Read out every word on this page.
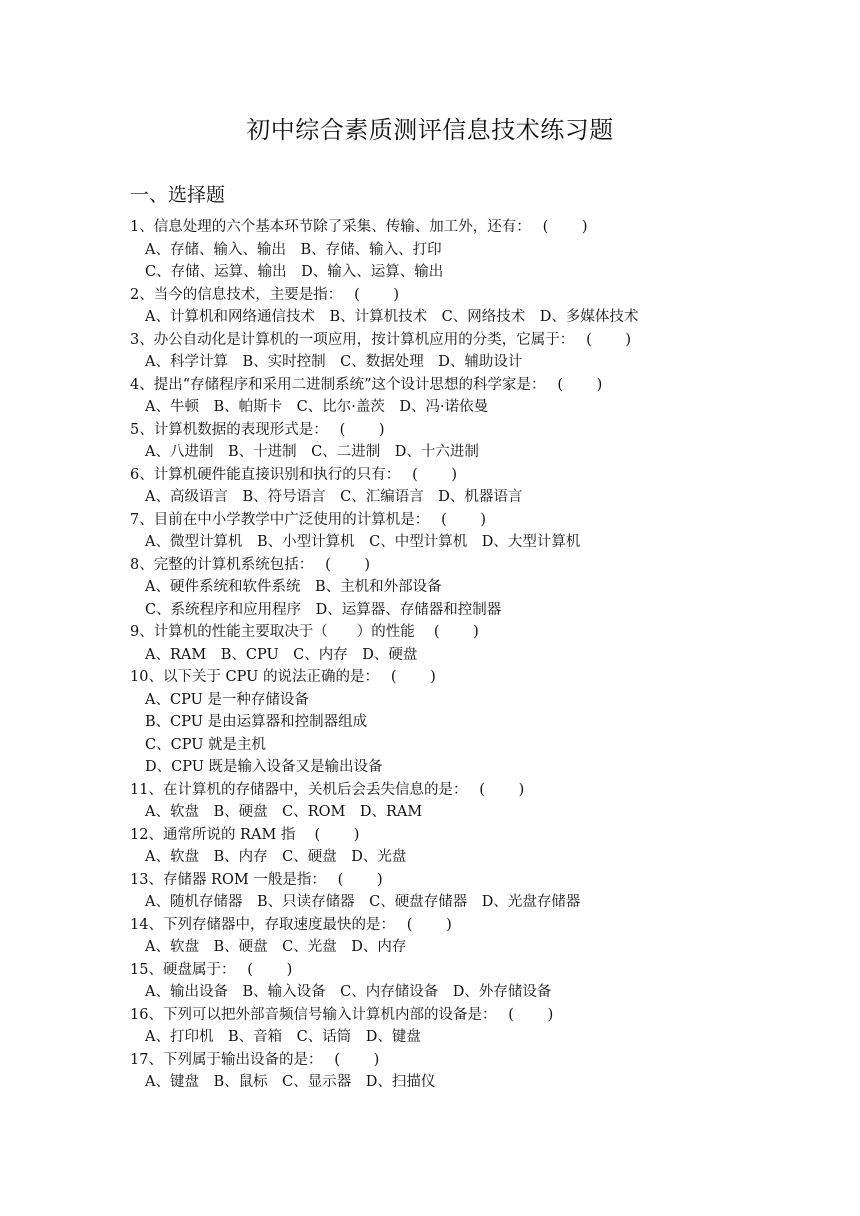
初中综合素质测评信息技术练习题
一、选择题
1、信息处理的六个基本环节除了采集、传输、加工外，还有：　 (　　 )
A、存储、输入、输出　B、存储、输入、打印
C、存储、运算、输出　D、输入、运算、输出
2、当今的信息技术，主要是指：　 (　　 )
A、计算机和网络通信技术　B、计算机技术　C、网络技术　D、多媒体技术
3、办公自动化是计算机的一项应用，按计算机应用的分类，它属于：　 (　　 )
A、科学计算　B、实时控制　C、数据处理　D、辅助设计
4、提出“存储程序和采用二进制系统”这个设计思想的科学家是：　 (　　 )
A、牛顿　B、帕斯卡　C、比尔·盖茨　D、冯·诺依曼
5、计算机数据的表现形式是：　 (　　 )
A、八进制　B、十进制　C、二进制　D、十六进制
6、计算机硬件能直接识别和执行的只有：　 (　　 )
A、高级语言　B、符号语言　C、汇编语言　D、机器语言
7、目前在中小学教学中广泛使用的计算机是：　 (　　 )
A、微型计算机　B、小型计算机　C、中型计算机　D、大型计算机
8、完整的计算机系统包括：　 (　　 )
A、硬件系统和软件系统　B、主机和外部设备
C、系统程序和应用程序　D、运算器、存储器和控制器
9、计算机的性能主要取决于（　　）的性能　 (　　 )
A、RAM　B、CPU　C、内存　D、硬盘
10、以下关于 CPU 的说法正确的是：　 (　　 )
A、CPU 是一种存储设备
B、CPU 是由运算器和控制器组成
C、CPU 就是主机
D、CPU 既是输入设备又是输出设备
11、在计算机的存储器中，关机后会丢失信息的是：　 (　　 )
A、软盘　B、硬盘　C、ROM　D、RAM
12、通常所说的 RAM 指　 (　　 )
A、软盘　B、内存　C、硬盘　D、光盘
13、存储器 ROM 一般是指：　 (　　 )
A、随机存储器　B、只读存储器　C、硬盘存储器　D、光盘存储器
14、下列存储器中，存取速度最快的是：　 (　　 )
A、软盘　B、硬盘　C、光盘　D、内存
15、硬盘属于：　 (　　 )
A、输出设备　B、输入设备　C、内存储设备　D、外存储设备
16、下列可以把外部音频信号输入计算机内部的设备是：　 (　　 )
A、打印机　B、音箱　C、话筒　D、键盘
17、下列属于输出设备的是：　 (　　 )
A、键盘　B、鼠标　C、显示器　D、扫描仪
